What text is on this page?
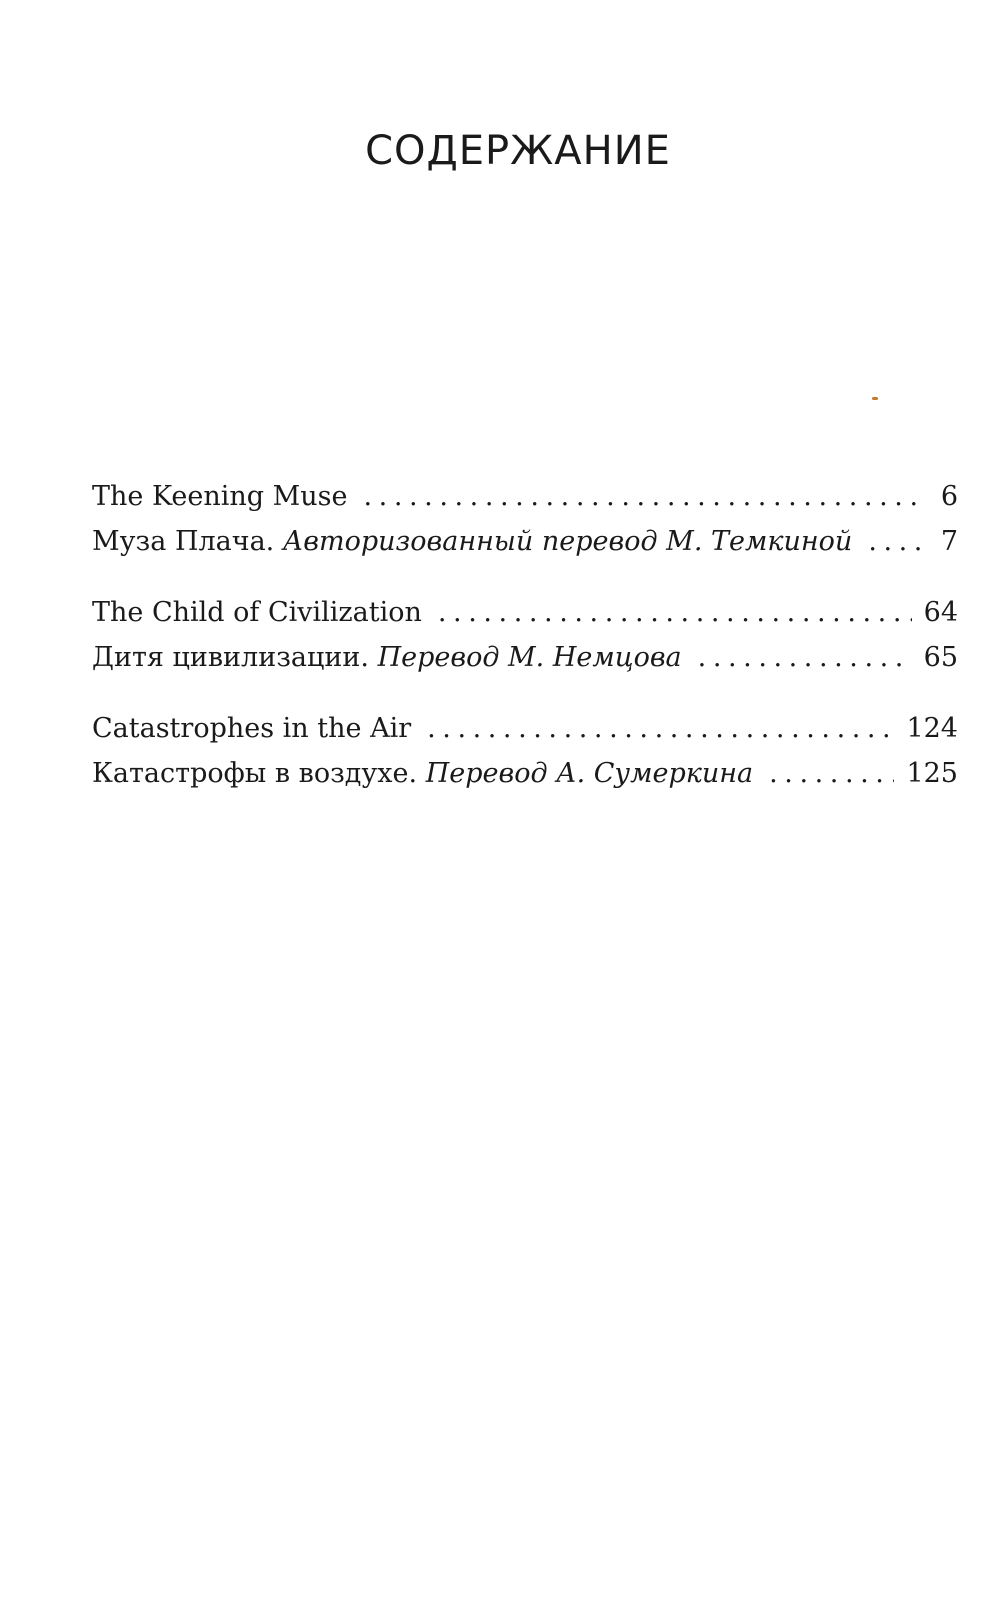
СОДЕРЖАНИЕ
The Keening Muse . . .	6
Муза Плача. Авторизованный перевод М. Темкиной . . .	7
The Child of Civilization . . .	64
Дитя цивилизации. Перевод М. Немцова . . .	65
Catastrophes in the Air . . .	124
Катастрофы в воздухе. Перевод А. Сумеркина . . .	125
